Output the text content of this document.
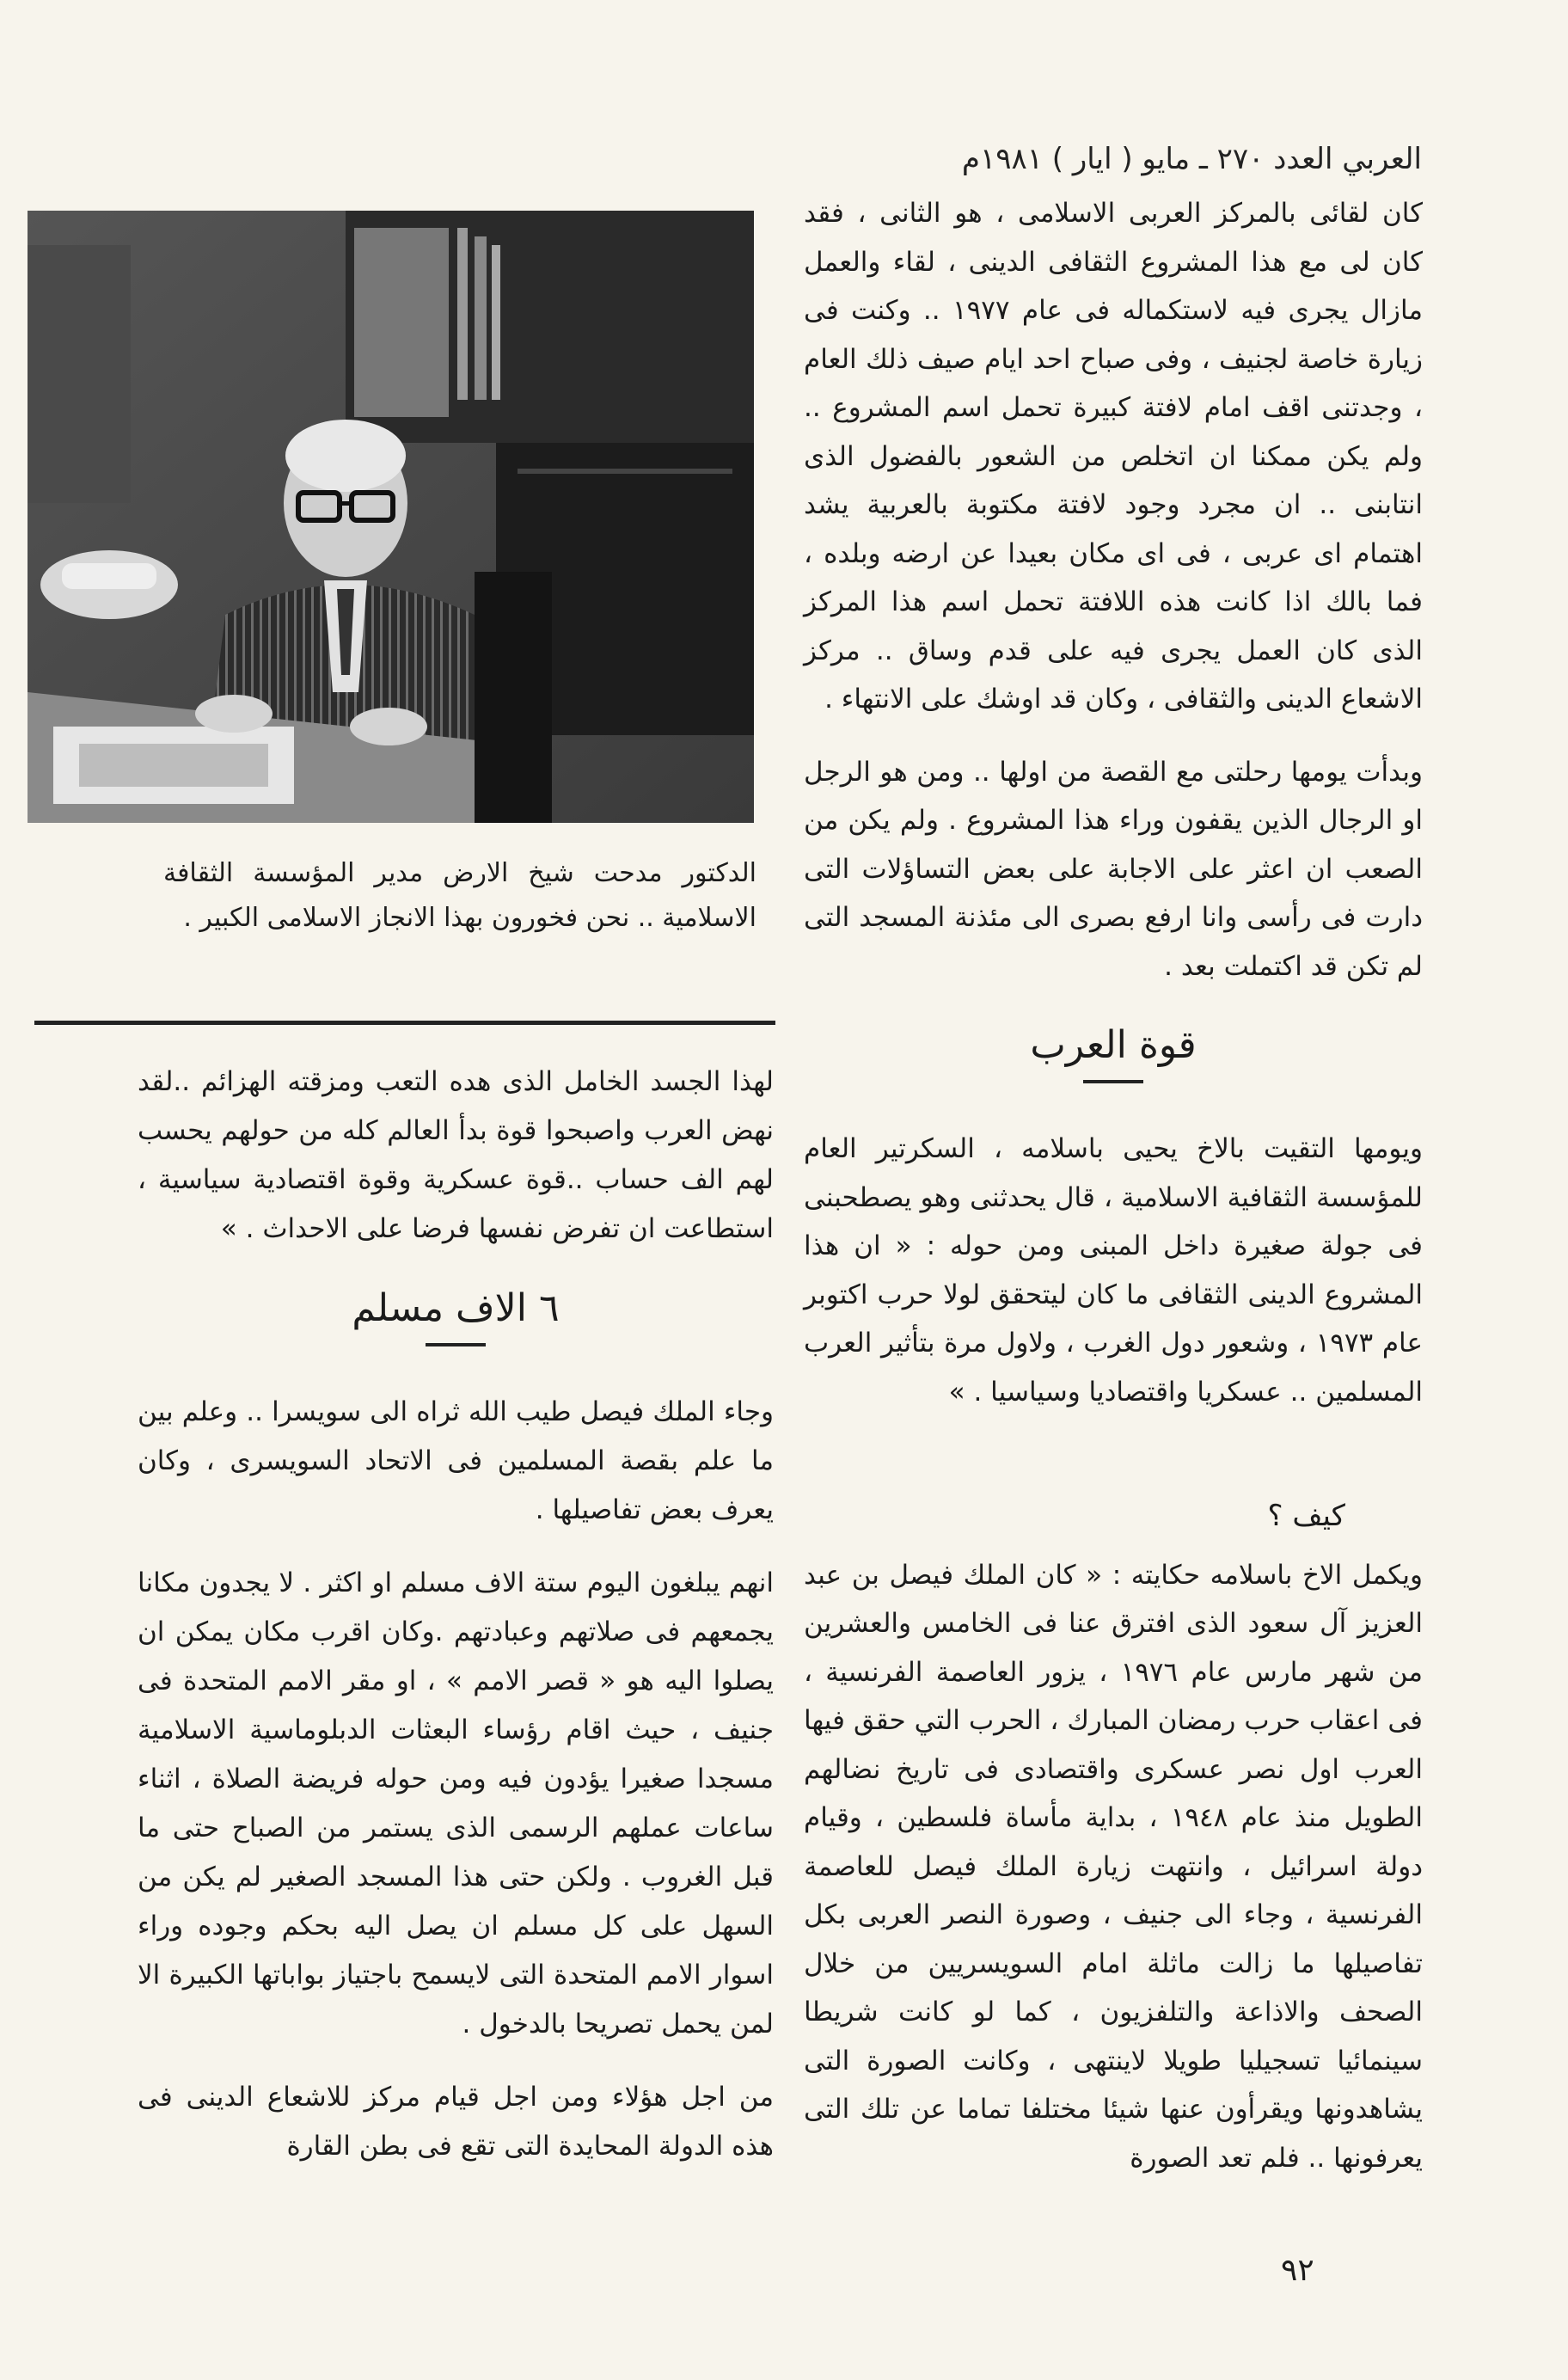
العربي العدد ٢٧٠ ـ مايو ( ايار ) ١٩٨١م

كان لقائى بالمركز العربى الاسلامى ، هو الثانى ، فقد كان لى مع هذا المشروع الثقافى الدينى ، لقاء والعمل مازال يجرى فيه لاستكماله فى عام ١٩٧٧ .. وكنت فى زيارة خاصة لجنيف ، وفى صباح احد ايام صيف ذلك العام ، وجدتنى اقف امام لافتة كبيرة تحمل اسم المشروع .. ولم يكن ممكنا ان اتخلص من الشعور بالفضول الذى انتابنى .. ان مجرد وجود لافتة مكتوبة بالعربية يشد اهتمام اى عربى ، فى اى مكان بعيدا عن ارضه وبلده ، فما بالك اذا كانت هذه اللافتة تحمل اسم هذا المركز الذى كان العمل يجرى فيه على قدم وساق .. مركز الاشعاع الدينى والثقافى ، وكان قد اوشك على الانتهاء .

وبدأت يومها رحلتى مع القصة من اولها .. ومن هو الرجل او الرجال الذين يقفون وراء هذا المشروع . ولم يكن من الصعب ان اعثر على الاجابة على بعض التساؤلات التى دارت فى رأسى وانا ارفع بصرى الى مئذنة المسجد التى لم تكن قد اكتملت بعد .

قوة العرب

ويومها التقيت بالاخ يحيى باسلامه ، السكرتير العام للمؤسسة الثقافية الاسلامية ، قال يحدثنى وهو يصطحبنى فى جولة صغيرة داخل المبنى ومن حوله : « ان هذا المشروع الدينى الثقافى ما كان ليتحقق لولا حرب اكتوبر عام ١٩٧٣ ، وشعور دول الغرب ، ولاول مرة بتأثير العرب المسلمين .. عسكريا واقتصاديا وسياسيا . »

كيف ؟

ويكمل الاخ باسلامه حكايته : « كان الملك فيصل بن عبد العزيز آل سعود الذى افترق عنا فى الخامس والعشرين من شهر مارس عام ١٩٧٦ ، يزور العاصمة الفرنسية ، فى اعقاب حرب رمضان المبارك ، الحرب التي حقق فيها العرب اول نصر عسكرى واقتصادى فى تاريخ نضالهم الطويل منذ عام ١٩٤٨ ، بداية مأساة فلسطين ، وقيام دولة اسرائيل ، وانتهت زيارة الملك فيصل للعاصمة الفرنسية ، وجاء الى جنيف ، وصورة النصر العربى بكل تفاصيلها ما زالت ماثلة امام السويسريين من خلال الصحف والاذاعة والتلفزيون ، كما لو كانت شريطا سينمائيا تسجيليا طويلا لاينتهى ، وكانت الصورة التى يشاهدونها ويقرأون عنها شيئا مختلفا تماما عن تلك التى يعرفونها .. فلم تعد الصورة

الدكتور مدحت شيخ الارض مدير المؤسسة الثقافة الاسلامية .. نحن فخورون بهذا الانجاز الاسلامى الكبير .

لهذا الجسد الخامل الذى هده التعب ومزقته الهزائم ..لقد نهض العرب واصبحوا قوة بدأ العالم كله من حولهم يحسب لهم الف حساب ..قوة عسكرية وقوة اقتصادية سياسية ، استطاعت ان تفرض نفسها فرضا على الاحداث . »

٦ الاف مسلم

وجاء الملك فيصل طيب الله ثراه الى سويسرا .. وعلم بين ما علم بقصة المسلمين فى الاتحاد السويسرى ، وكان يعرف بعض تفاصيلها .

انهم يبلغون اليوم ستة الاف مسلم او اكثر . لا يجدون مكانا يجمعهم فى صلاتهم وعبادتهم .وكان اقرب مكان يمكن ان يصلوا اليه هو « قصر الامم » ، او مقر الامم المتحدة فى جنيف ، حيث اقام رؤساء البعثات الدبلوماسية الاسلامية مسجدا صغيرا يؤدون فيه ومن حوله فريضة الصلاة ، اثناء ساعات عملهم الرسمى الذى يستمر من الصباح حتى ما قبل الغروب . ولكن حتى هذا المسجد الصغير لم يكن من السهل على كل مسلم ان يصل اليه بحكم وجوده وراء اسوار الامم المتحدة التى لايسمح باجتياز بواباتها الكبيرة الا لمن يحمل تصريحا بالدخول .

من اجل هؤلاء ومن اجل قيام مركز للاشعاع الدينى فى هذه الدولة المحايدة التى تقع فى بطن القارة

٩٢
